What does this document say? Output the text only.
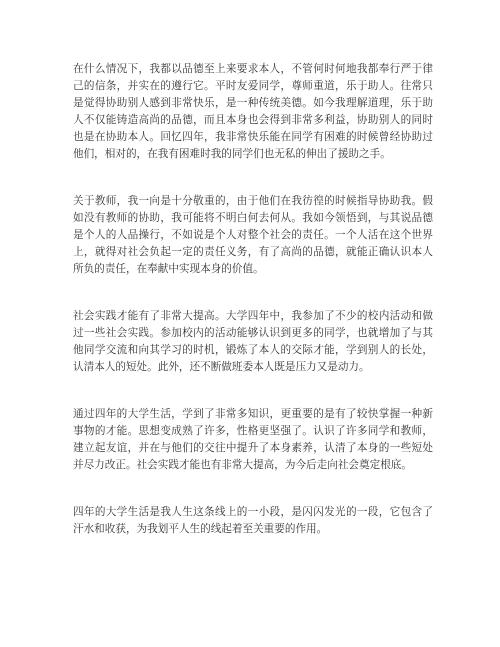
在什么情况下，我都以品德至上来要求本人，不管何时何地我都奉行严于律己的信条，并实在的遵行它。平时友爱同学，尊师重道，乐于助人。往常只是觉得协助别人感到非常快乐，是一种传统美德。如今我理解道理，乐于助人不仅能铸造高尚的品德，而且本身也会得到非常多利益，协助别人的同时也是在协助本人。回忆四年，我非常快乐能在同学有困难的时候曾经协助过他们，相对的，在我有困难时我的同学们也无私的伸出了援助之手。

关于教师，我一向是十分敬重的，由于他们在我彷徨的时候指导协助我。假如没有教师的协助，我可能将不明白何去何从。我如今领悟到，与其说品德是个人的人品操行，不如说是个人对整个社会的责任。一个人活在这个世界上，就得对社会负起一定的责任义务，有了高尚的品德，就能正确认识本人所负的责任，在奉献中实现本身的价值。

社会实践才能有了非常大提高。大学四年中，我参加了不少的校内活动和做过一些社会实践。参加校内的活动能够认识到更多的同学，也就增加了与其他同学交流和向其学习的时机，锻炼了本人的交际才能，学到别人的长处，认清本人的短处。此外，还不断做班委本人既是压力又是动力。

通过四年的大学生活，学到了非常多知识，更重要的是有了较快掌握一种新事物的才能。思想变成熟了许多，性格更坚强了。认识了许多同学和教师，建立起友谊，并在与他们的交往中提升了本身素养，认清了本身的一些短处并尽力改正。社会实践才能也有非常大提高，为今后走向社会奠定根底。

四年的大学生活是我人生这条线上的一小段，是闪闪发光的一段，它包含了汗水和收获，为我划平人生的线起着至关重要的作用。
